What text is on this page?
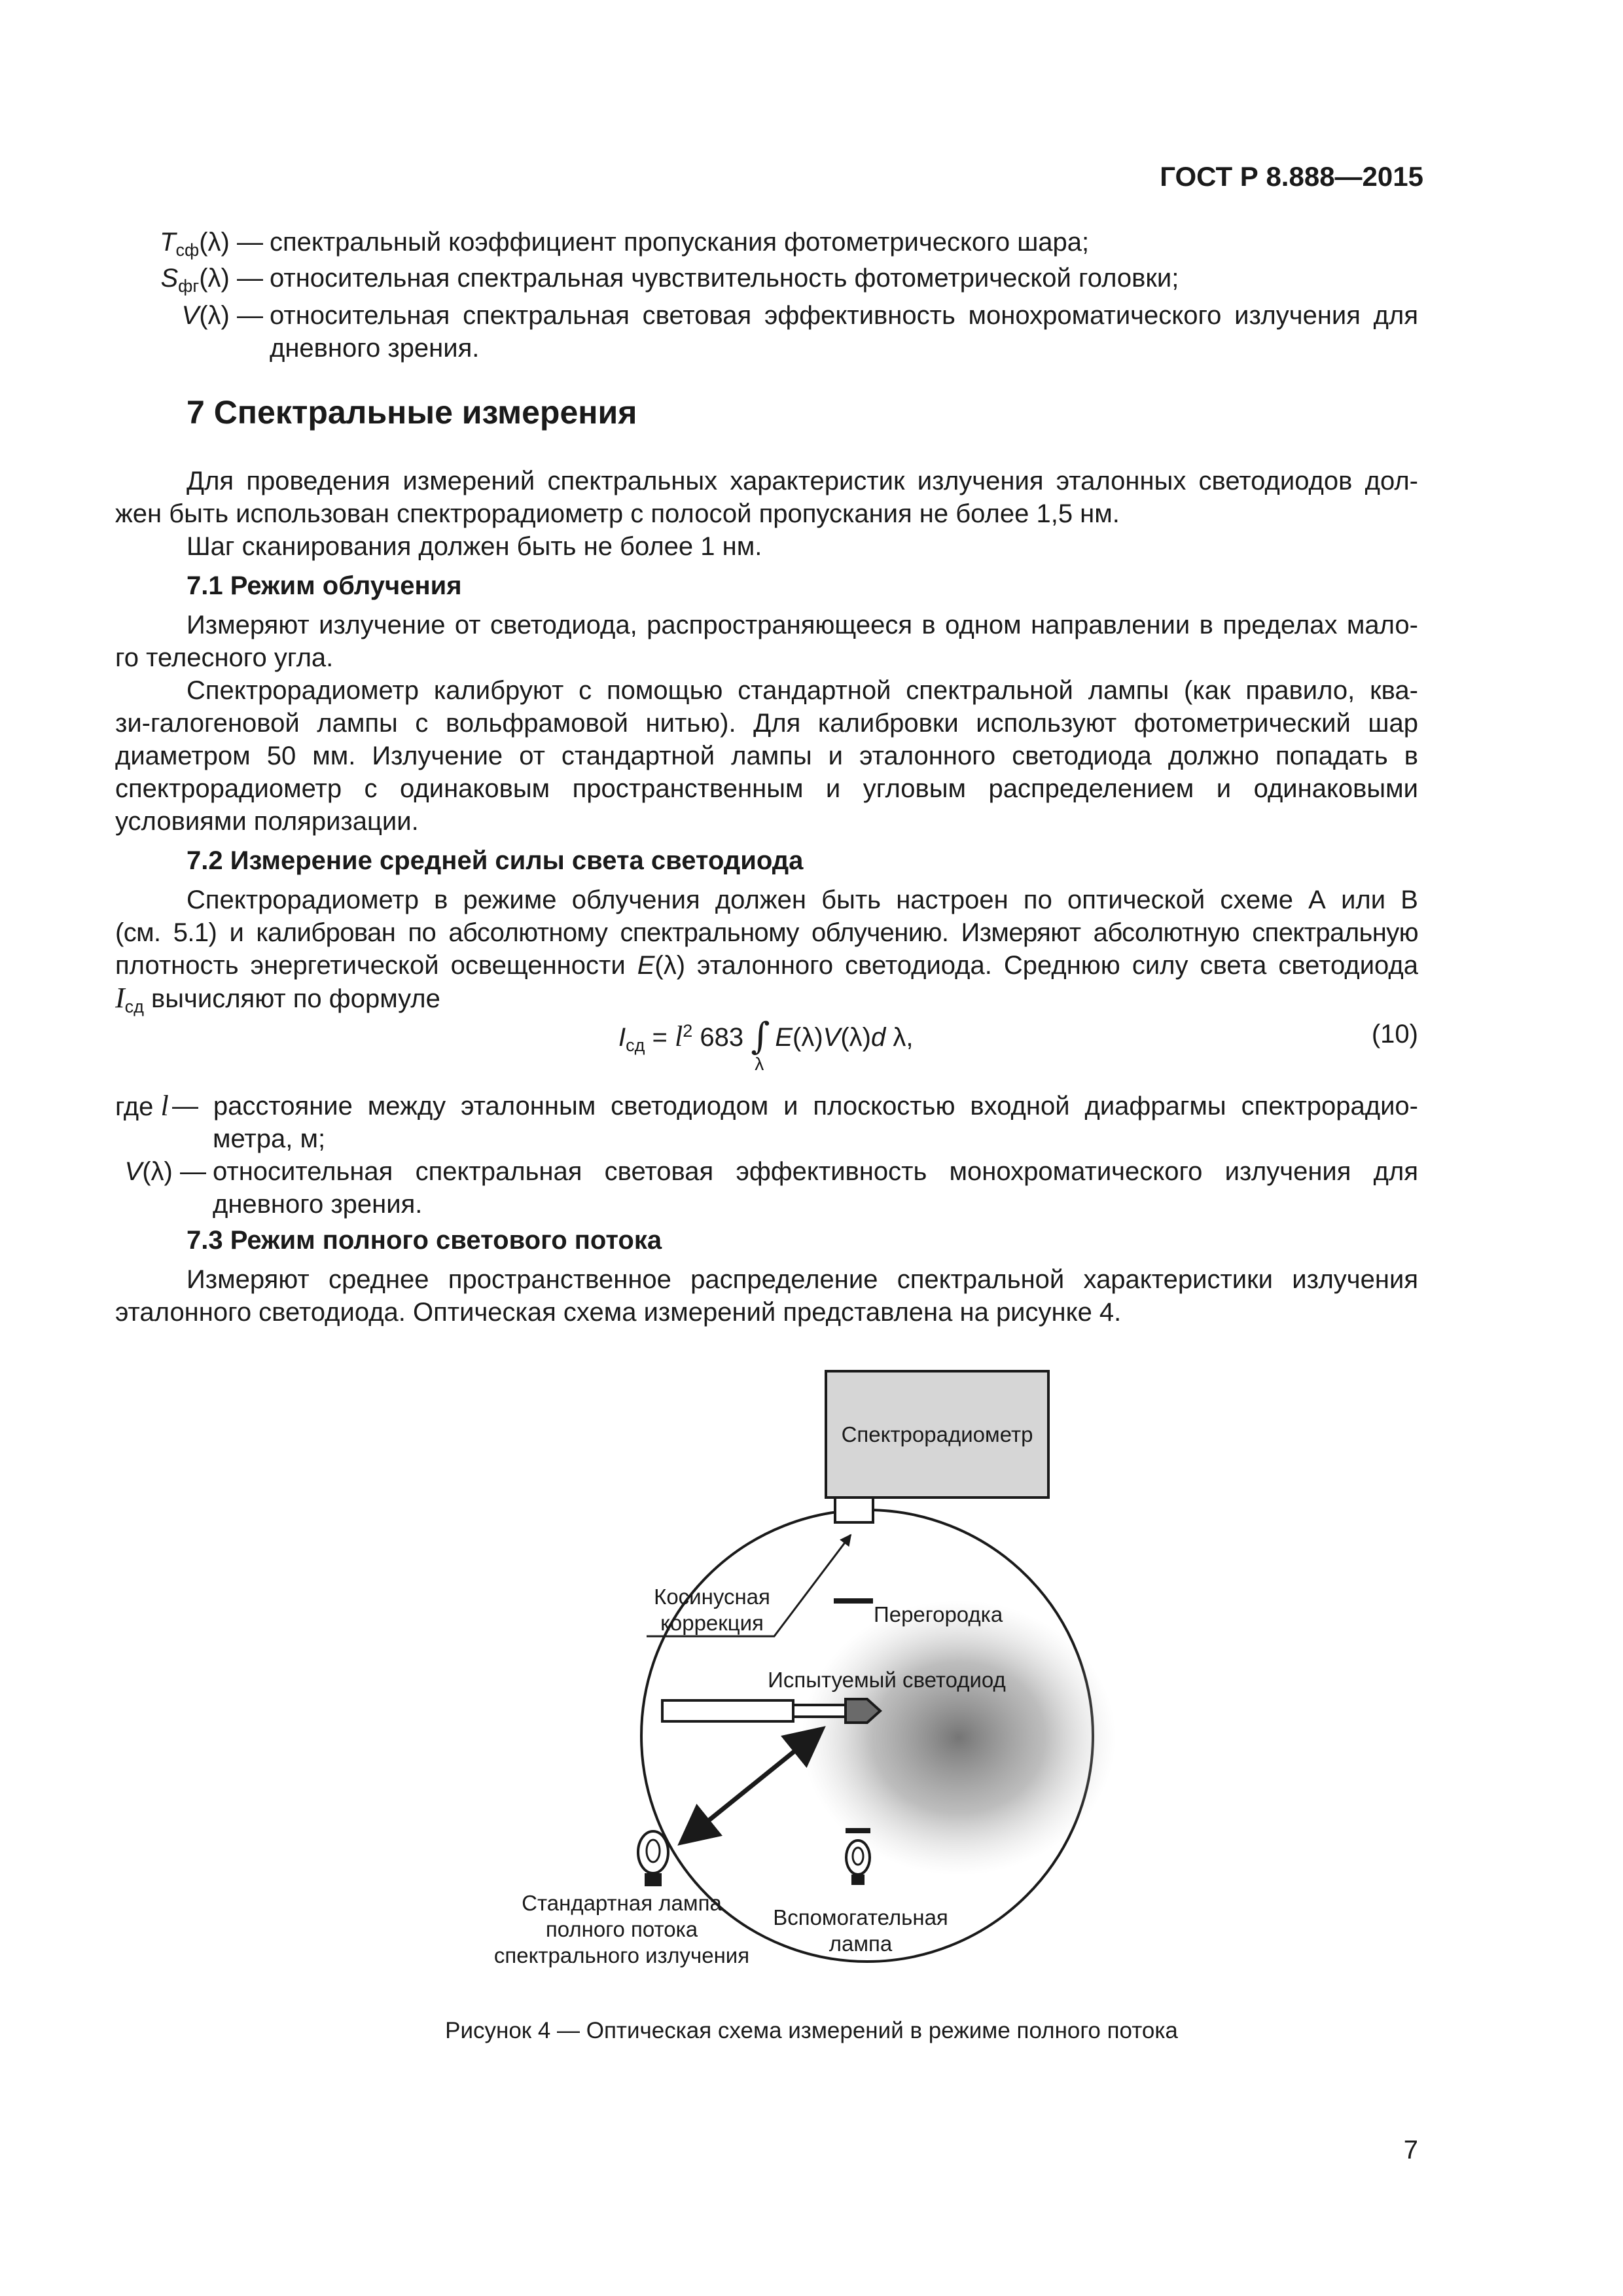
ГОСТ Р 8.888—2015
$T_{сф}(\lambda)$ — спектральный коэффициент пропускания фотометрического шара;
$S_{фг}(\lambda)$ — относительная спектральная чувствительность фотометрической головки;
V(λ) — относительная спектральная световая эффективность монохроматического излучения для
дневного зрения.
7 Спектральные измерения
Для проведения измерений спектральных характеристик излучения эталонных светодиодов дол-
жен быть использован спектрорадиометр с полосой пропускания не более 1,5 нм.
Шаг сканирования должен быть не более 1 нм.
7.1 Режим облучения
Измеряют излучение от светодиода, распространяющееся в одном направлении в пределах мало-
го телесного угла.
Спектрорадиометр калибруют с помощью стандартной спектральной лампы (как правило, ква-
зи-галогеновой лампы с вольфрамовой нитью). Для калибровки используют фотометрический шар
диаметром 50 мм. Излучение от стандартной лампы и эталонного светодиода должно попадать в
спектрорадиометр с одинаковым пространственным и угловым распределением и одинаковыми
условиями поляризации.
7.2 Измерение средней силы света светодиода
Спектрорадиометр в режиме облучения должен быть настроен по оптической схеме А или В
(см. 5.1) и калиброван по абсолютному спектральному облучению. Измеряют абсолютную спектральную
плотность энергетической освещенности E(λ) эталонного светодиода. Среднюю силу света светодиода
$I_{сд}$ вычисляют по формуле
$I_{сд} = l^2$ 683 ∫
λ
E(λ)V(λ)d λ,	(10)
где l — расстояние между эталонным светодиодом и плоскостью входной диафрагмы спектрорадио-
метра, м;
V(λ) — относительная спектральная световая эффективность монохроматического излучения для
дневного зрения.
7.3 Режим полного светового потока
Измеряют среднее пространственное распределение спектральной характеристики излучения
эталонного светодиода. Оптическая схема измерений представлена на рисунке 4.
Спектрорадиометр
Косинусная
коррекция	Перегородка
Испытуемый светодиод
Стандартная лампа
полного потока
спектрального излучения
Вспомогательная
лампа
Рисунок 4 — Оптическая схема измерений в режиме полного потока
7
